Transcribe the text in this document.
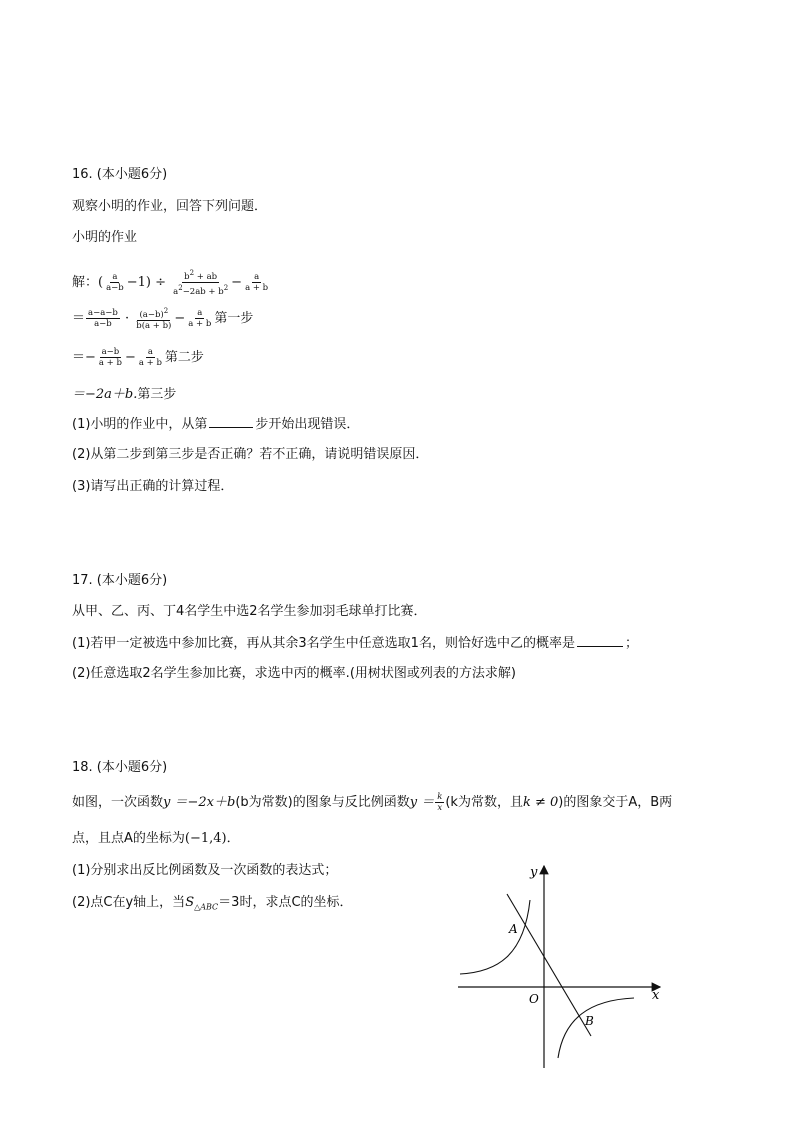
16. (本小题6分)
观察小明的作业，回答下列问题．
小明的作业
解：( $\frac{a}{a-b} -1) \div \frac{b^2 + ab}{a^2-2ab + b^2} - \frac{a}{a + b}$
＝ $\frac{a-a-b}{a-b} \cdot \frac{(a-b)^2}{b(a + b)} - \frac{a}{a + b}$ 第一步
＝− $\frac{a-b}{a + b} - \frac{a}{a + b}$ 第二步
＝−2a＋b.第三步
(1)小明的作业中，从第	步开始出现错误．
(2)从第二步到第三步是否正确？若不正确，请说明错误原因．
(3)请写出正确的计算过程．
17. (本小题6分)
从甲、乙、丙、丁4名学生中选2名学生参加羽毛球单打比赛．
(1)若甲一定被选中参加比赛，再从其余3名学生中任意选取1名，则恰好选中乙的概率是	；
(2)任意选取2名学生参加比赛，求选中丙的概率.(用树状图或列表的方法求解)
18. (本小题6分)
如图，一次函数y ＝−2x＋b(b为常数)的图象与反比例函数$y = \frac{k}{x} (k$为常数，且k ≠ 0)的图象交于A，B两
点，且点A的坐标为(−1,4)．
(1)分别求出反比例函数及一次函数的表达式；
(2)点C在y轴上，当$S_{\triangle ABC}=3$时，求点C的坐标．
y
x
O
A
B
